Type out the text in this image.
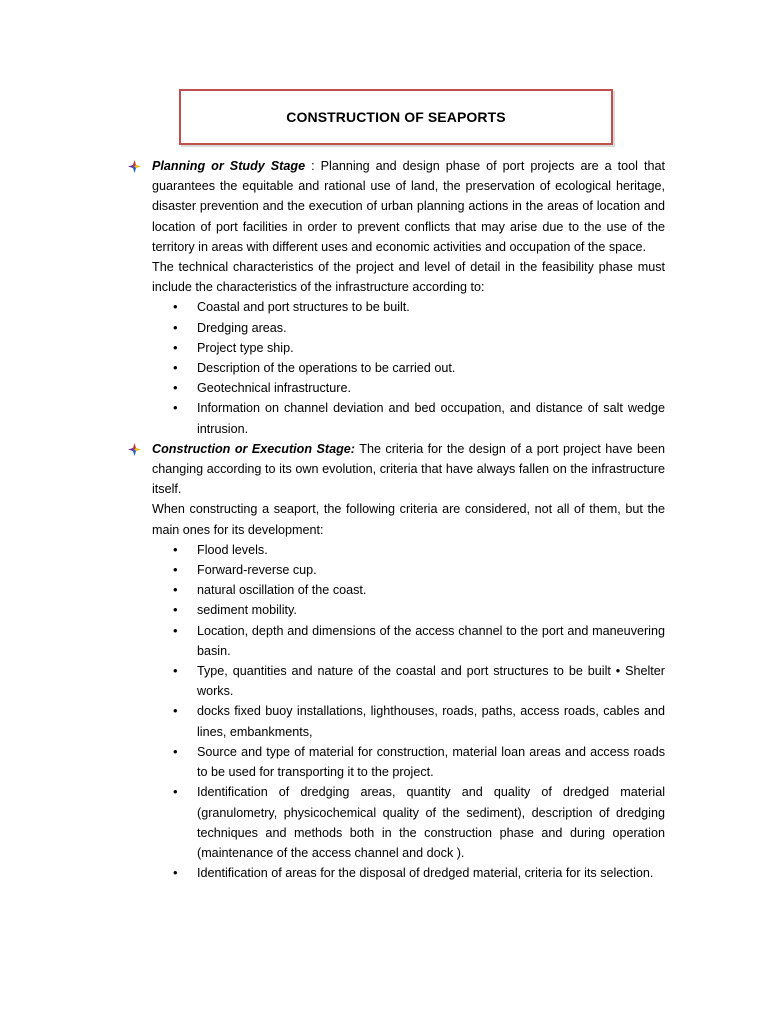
CONSTRUCTION OF SEAPORTS

Planning or Study Stage : Planning and design phase of port projects are a tool that guarantees the equitable and rational use of land, the preservation of ecological heritage, disaster prevention and the execution of urban planning actions in the areas of location and location of port facilities in order to prevent conflicts that may arise due to the use of the territory in areas with different uses and economic activities and occupation of the space.

The technical characteristics of the project and level of detail in the feasibility phase must include the characteristics of the infrastructure according to:

• Coastal and port structures to be built.
• Dredging areas.
• Project type ship.
• Description of the operations to be carried out.
• Geotechnical infrastructure.
• Information on channel deviation and bed occupation, and distance of salt wedge intrusion.

Construction or Execution Stage: The criteria for the design of a port project have been changing according to its own evolution, criteria that have always fallen on the infrastructure itself.

When constructing a seaport, the following criteria are considered, not all of them, but the main ones for its development:

• Flood levels.
• Forward-reverse cup.
• natural oscillation of the coast.
• sediment mobility.
• Location, depth and dimensions of the access channel to the port and maneuvering basin.
• Type, quantities and nature of the coastal and port structures to be built • Shelter works.
• docks fixed buoy installations, lighthouses, roads, paths, access roads, cables and lines, embankments,
• Source and type of material for construction, material loan areas and access roads to be used for transporting it to the project.
• Identification of dredging areas, quantity and quality of dredged material (granulometry, physicochemical quality of the sediment), description of dredging techniques and methods both in the construction phase and during operation (maintenance of the access channel and dock ).
• Identification of areas for the disposal of dredged material, criteria for its selection.
